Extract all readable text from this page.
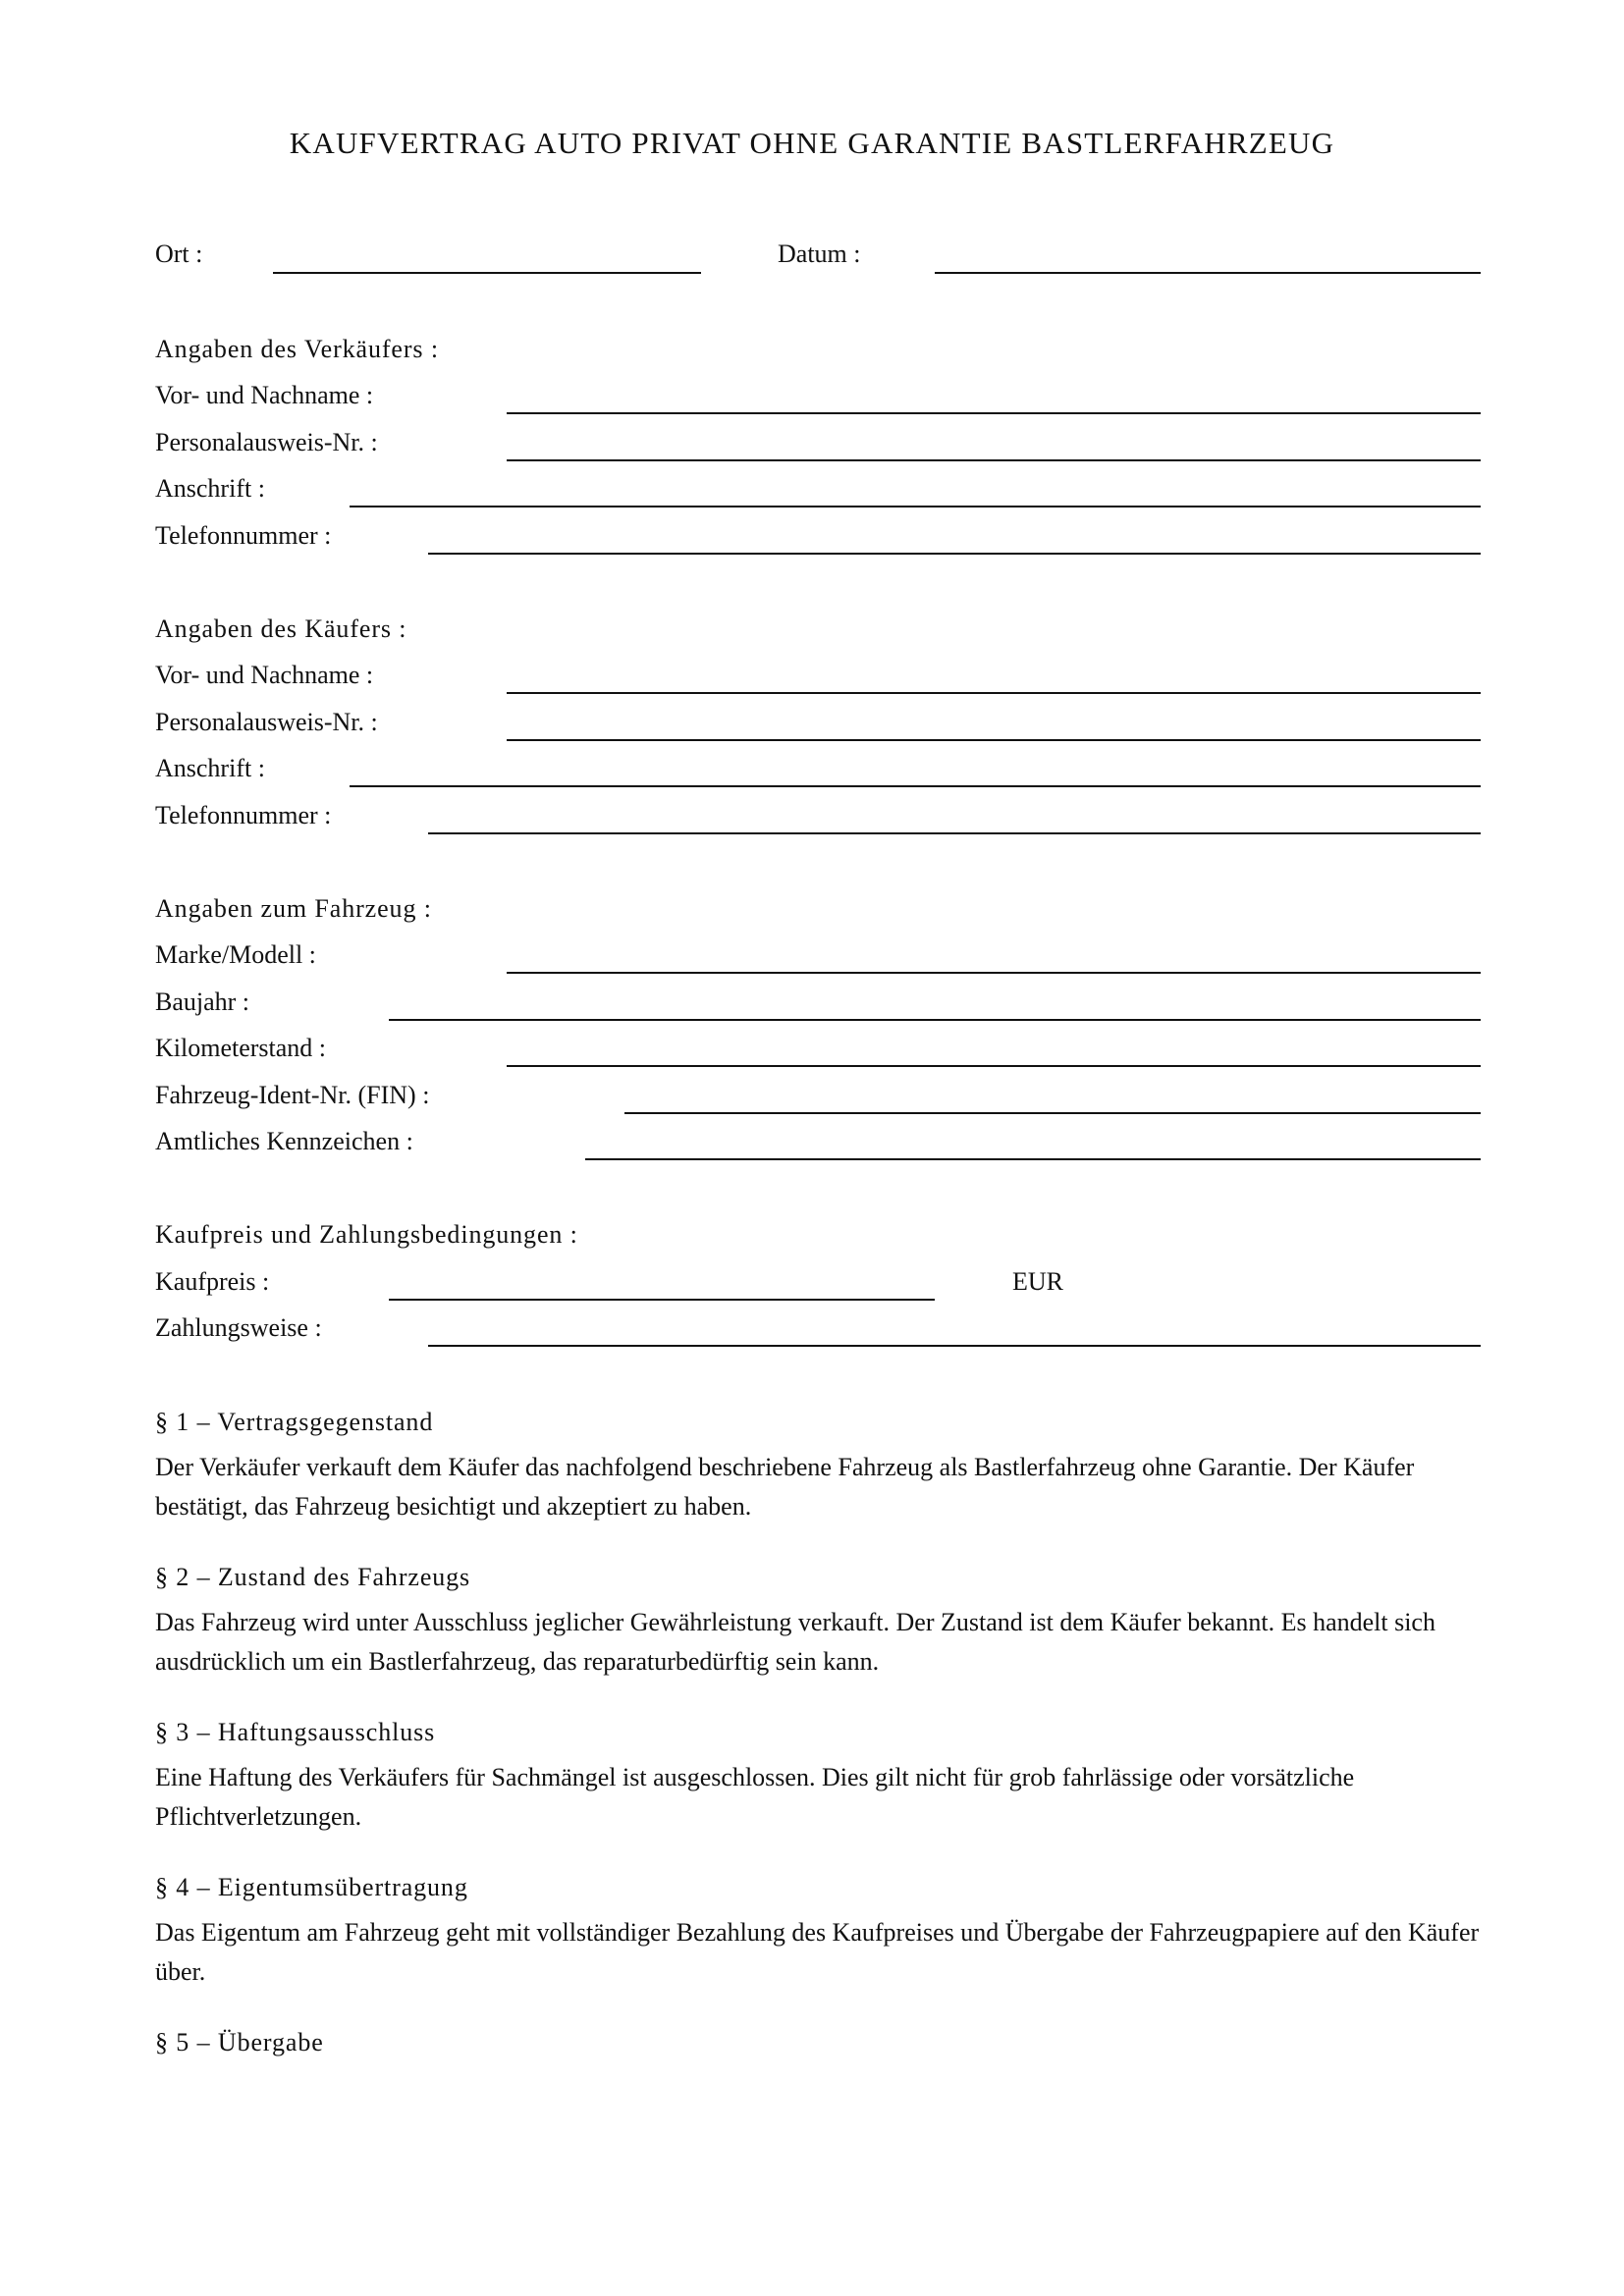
KAUFVERTRAG AUTO PRIVAT OHNE GARANTIE BASTLERFAHRZEUG
Ort :	Datum :
Angaben des Verkäufers :
Vor- und Nachname :
Personalausweis-Nr. :
Anschrift :
Telefonnummer :
Angaben des Käufers :
Vor- und Nachname :
Personalausweis-Nr. :
Anschrift :
Telefonnummer :
Angaben zum Fahrzeug :
Marke/Modell :
Baujahr :
Kilometerstand :
Fahrzeug-Ident-Nr. (FIN) :
Amtliches Kennzeichen :
Kaufpreis und Zahlungsbedingungen :
Kaufpreis :	EUR
Zahlungsweise :
§ 1 – Vertragsgegenstand

Der Verkäufer verkauft dem Käufer das nachfolgend beschriebene Fahrzeug als Bastlerfahrzeug ohne Garantie. Der Käufer bestätigt, das Fahrzeug besichtigt und akzeptiert zu haben.

§ 2 – Zustand des Fahrzeugs

Das Fahrzeug wird unter Ausschluss jeglicher Gewährleistung verkauft. Der Zustand ist dem Käufer bekannt. Es handelt sich ausdrücklich um ein Bastlerfahrzeug, das reparaturbedürftig sein kann.

§ 3 – Haftungsausschluss

Eine Haftung des Verkäufers für Sachmängel ist ausgeschlossen. Dies gilt nicht für grob fahrlässige oder vorsätzliche Pflichtverletzungen.

§ 4 – Eigentumsübertragung

Das Eigentum am Fahrzeug geht mit vollständiger Bezahlung des Kaufpreises und Übergabe der Fahrzeugpapiere auf den Käufer über.

§ 5 – Übergabe
